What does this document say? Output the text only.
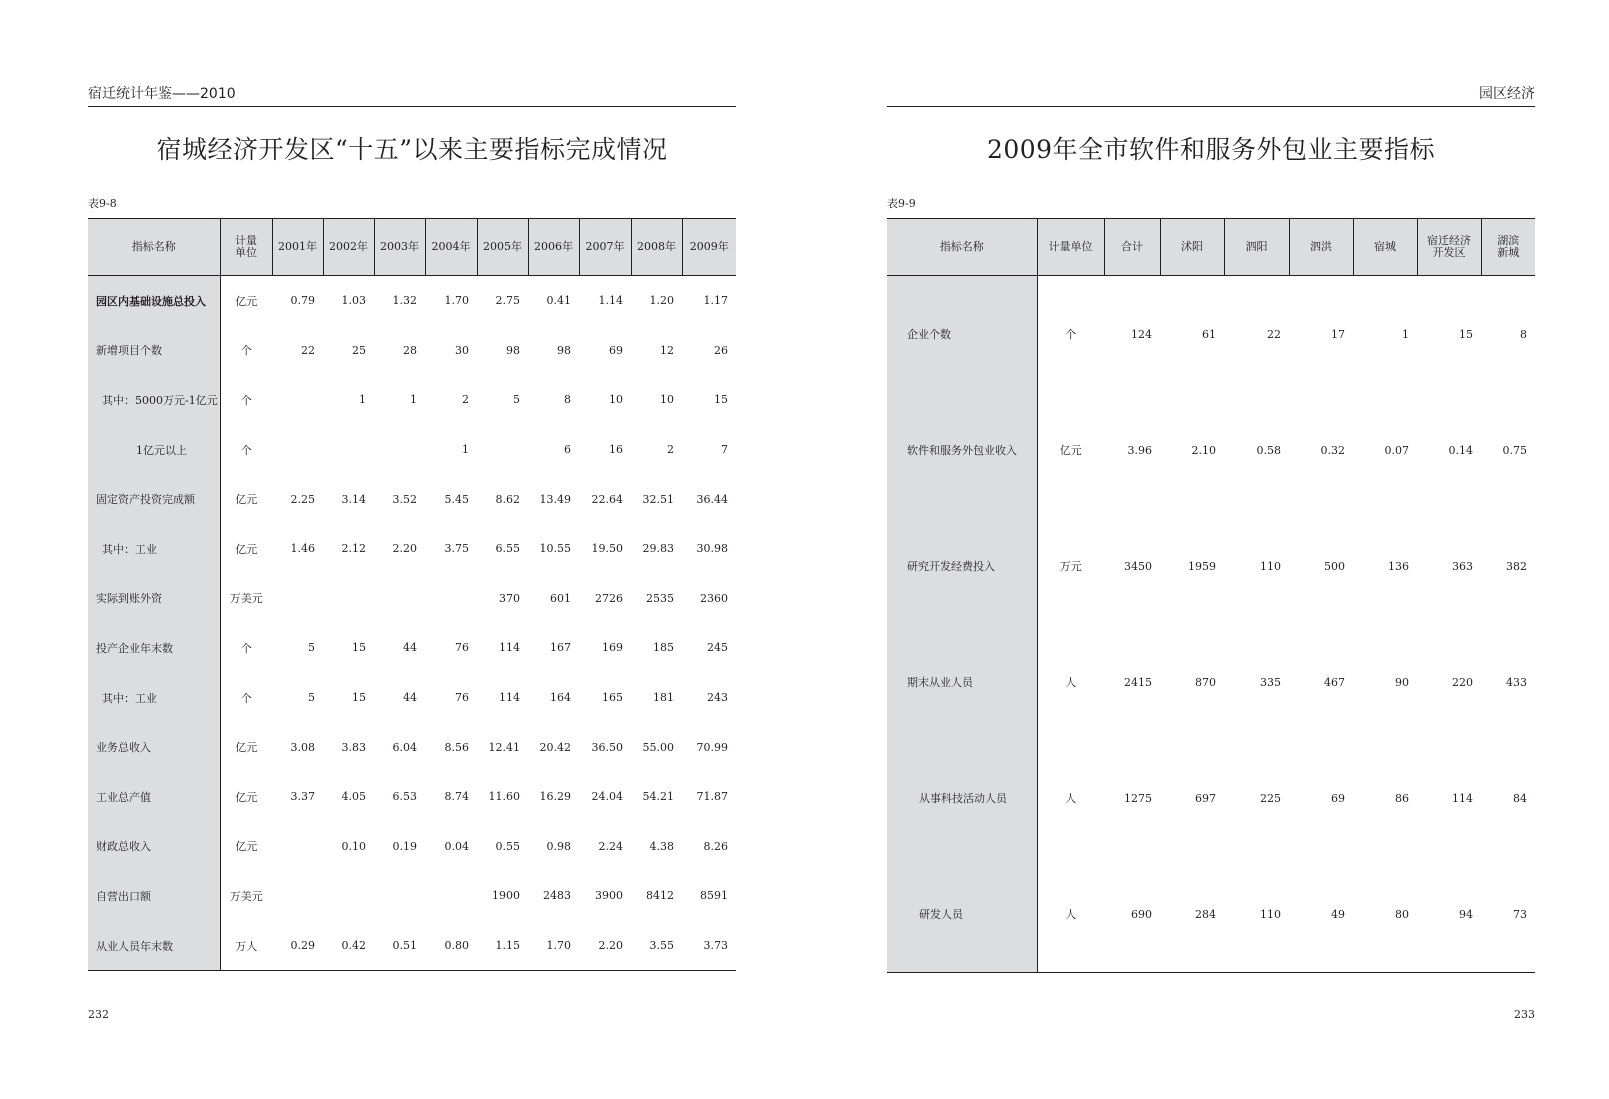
宿迁统计年鉴——2010
宿城经济开发区“十五”以来主要指标完成情况
表9-8
指标名称	计量单位	2001年	2002年	2003年	2004年	2005年	2006年	2007年	2008年	2009年
园区内基础设施总投入	亿元	0.79	1.03	1.32	1.70	2.75	0.41	1.14	1.20	1.17
新增项目个数	个	22	25	28	30	98	98	69	12	26
其中：5000万元-1亿元	个		1	1	2	5	8	10	10	15
1亿元以上	个				1		6	16	2	7
固定资产投资完成额	亿元	2.25	3.14	3.52	5.45	8.62	13.49	22.64	32.51	36.44
其中：工业	亿元	1.46	2.12	2.20	3.75	6.55	10.55	19.50	29.83	30.98
实际到账外资	万美元					370	601	2726	2535	2360
投产企业年末数	个	5	15	44	76	114	167	169	185	245
其中：工业	个	5	15	44	76	114	164	165	181	243
业务总收入	亿元	3.08	3.83	6.04	8.56	12.41	20.42	36.50	55.00	70.99
工业总产值	亿元	3.37	4.05	6.53	8.74	11.60	16.29	24.04	54.21	71.87
财政总收入	亿元		0.10	0.19	0.04	0.55	0.98	2.24	4.38	8.26
自营出口额	万美元					1900	2483	3900	8412	8591
从业人员年末数	万人	0.29	0.42	0.51	0.80	1.15	1.70	2.20	3.55	3.73
232
园区经济
2009年全市软件和服务外包业主要指标
表9-9
指标名称	计量单位	合计	沭阳	泗阳	泗洪	宿城	宿迁经济开发区	湖滨新城
企业个数	个	124	61	22	17	1	15	8
软件和服务外包业收入	亿元	3.96	2.10	0.58	0.32	0.07	0.14	0.75
研究开发经费投入	万元	3450	1959	110	500	136	363	382
期末从业人员	人	2415	870	335	467	90	220	433
从事科技活动人员	人	1275	697	225	69	86	114	84
研发人员	人	690	284	110	49	80	94	73
233
